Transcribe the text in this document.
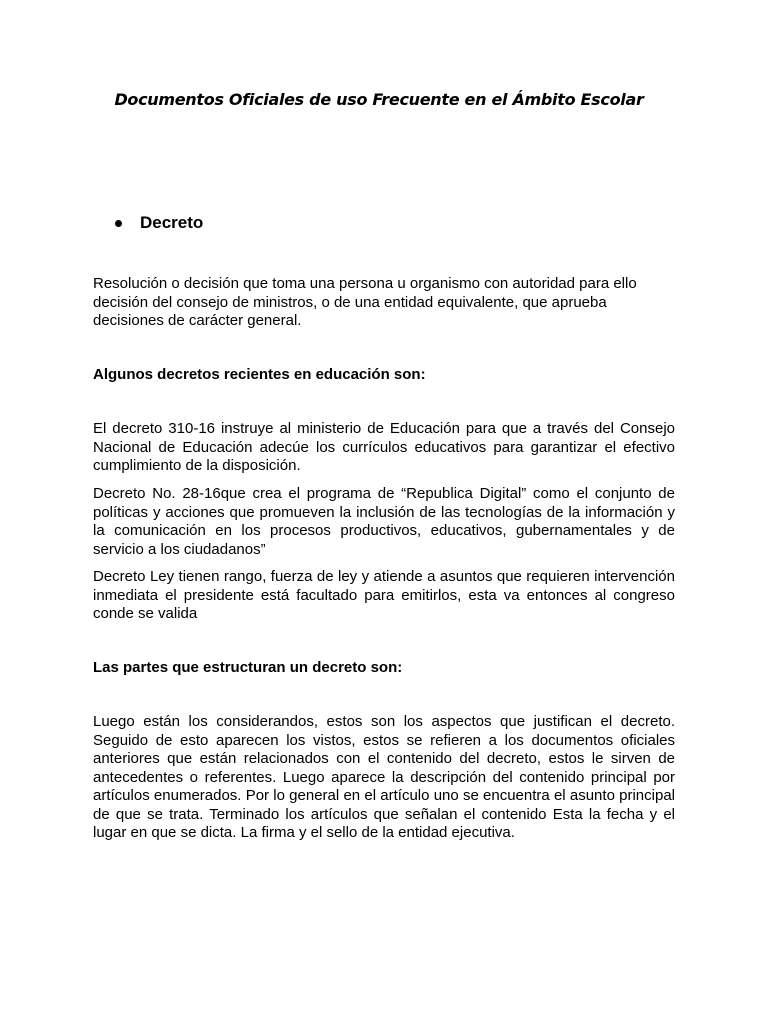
Documentos Oficiales de uso Frecuente en el Ámbito Escolar
Decreto

Resolución o decisión que toma una persona u organismo con autoridad para ello decisión del consejo de ministros, o de una entidad equivalente, que aprueba decisiones de carácter general.

Algunos decretos recientes en educación son:

El decreto 310-16 instruye al ministerio de Educación para que a través del Consejo Nacional de Educación adecúe los currículos educativos para garantizar el efectivo cumplimiento de la disposición.

Decreto No. 28-16que crea el programa de “Republica Digital” como el conjunto de políticas y acciones que promueven la inclusión de las tecnologías de la información y la comunicación en los procesos productivos, educativos, gubernamentales y de servicio a los ciudadanos”

Decreto Ley tienen rango, fuerza de ley y atiende a asuntos que requieren intervención inmediata el presidente está facultado para emitirlos, esta va entonces al congreso conde se valida

Las partes que estructuran un decreto son:

Luego están los considerandos, estos son los aspectos que justifican el decreto. Seguido de esto aparecen los vistos, estos se refieren a los documentos oficiales anteriores que están relacionados con el contenido del decreto, estos le sirven de antecedentes o referentes. Luego aparece la descripción del contenido principal por artículos enumerados. Por lo general en el artículo uno se encuentra el asunto principal de que se trata. Terminado los artículos que señalan el contenido Esta la fecha y el lugar en que se dicta. La firma y el sello de la entidad ejecutiva.
